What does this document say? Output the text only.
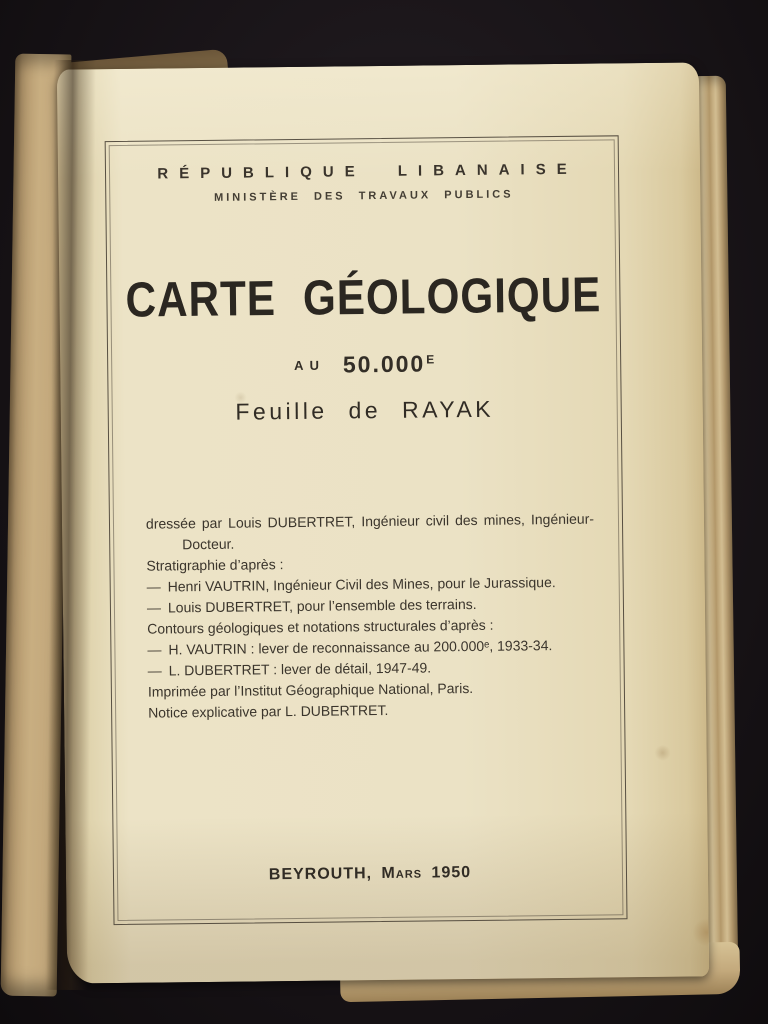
RÉPUBLIQUE LIBANAISE
MINISTÈRE DES TRAVAUX PUBLICS
CARTE GÉOLOGIQUE
AU $50.000^E$
Feuille de RAYAK

dressée par Louis DUBERTRET, Ingénieur civil des mines, Ingénieur-Docteur.

Stratigraphie d’après :

— Henri VAUTRIN, Ingénieur Civil des Mines, pour le Jurassique.

— Louis DUBERTRET, pour l’ensemble des terrains.

Contours géologiques et notations structurales d’après :

— H. VAUTRIN : lever de reconnaissance au 200.000ᵉ, 1933-34.

— L. DUBERTRET : lever de détail, 1947-49.

Imprimée par l’Institut Géographique National, Paris.

Notice explicative par L. DUBERTRET.

BEYROUTH, Mars 1950
